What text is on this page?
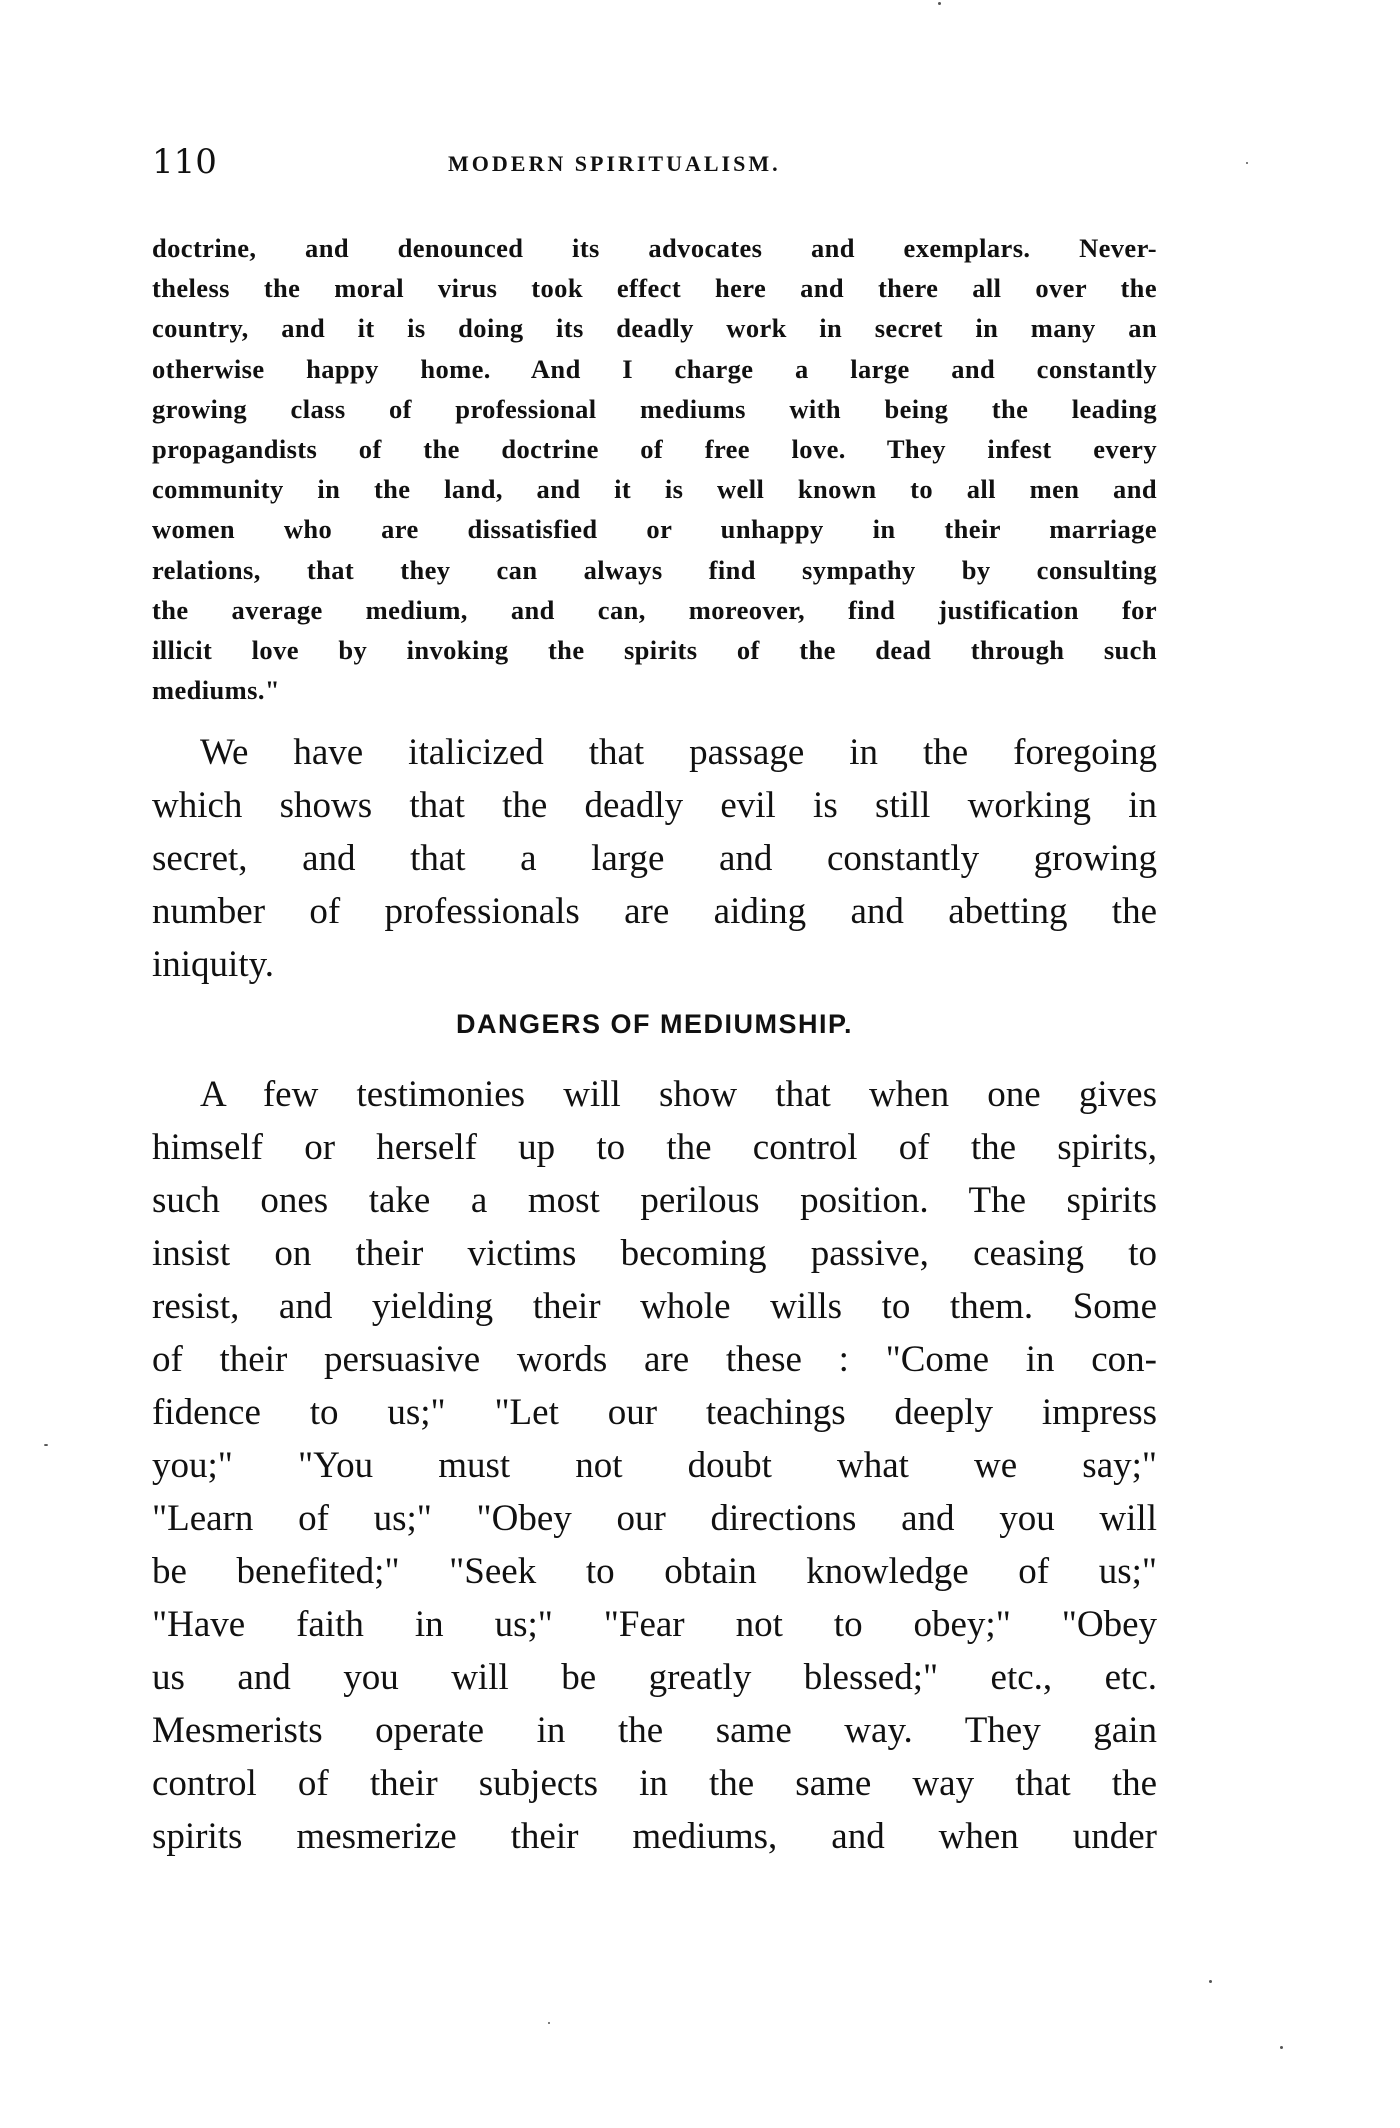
110	MODERN SPIRITUALISM.
doctrine, and denounced its advocates and exemplars. Never-
theless the moral virus took effect here and there all over the
country, and it is doing its deadly work in secret in many an
otherwise happy home. And I charge a large and constantly
growing class of professional mediums with being the leading
propagandists of the doctrine of free love. They infest every
community in the land, and it is well known to all men and
women who are dissatisfied or unhappy in their marriage
relations, that they can always find sympathy by consulting
the average medium, and can, moreover, find justification for
illicit love by invoking the spirits of the dead through such
mediums."
We have italicized that passage in the foregoing
which shows that the deadly evil is still working in
secret, and that a large and constantly growing
number of professionals are aiding and abetting the
iniquity.
DANGERS OF MEDIUMSHIP.
A few testimonies will show that when one gives
himself or herself up to the control of the spirits,
such ones take a most perilous position. The spirits
insist on their victims becoming passive, ceasing to
resist, and yielding their whole wills to them. Some
of their persuasive words are these : "Come in con-
fidence to us;" "Let our teachings deeply impress
you;" "You must not doubt what we say;"
"Learn of us;" "Obey our directions and you will
be benefited;" "Seek to obtain knowledge of us;"
"Have faith in us;" "Fear not to obey;" "Obey
us and you will be greatly blessed;" etc., etc.
Mesmerists operate in the same way. They gain
control of their subjects in the same way that the
spirits mesmerize their mediums, and when under
